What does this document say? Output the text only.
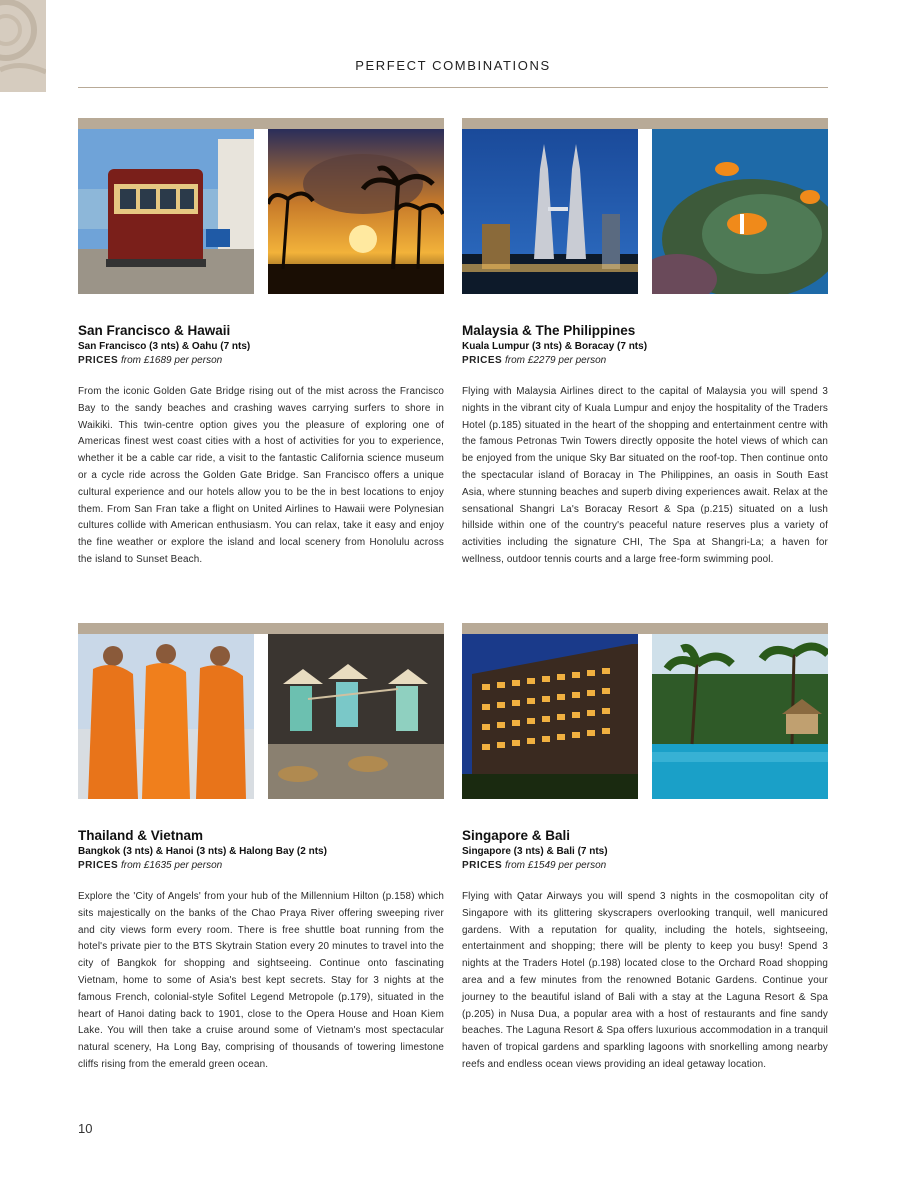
PERFECT COMBINATIONS
San Francisco & Hawaii
San Francisco (3 nts) & Oahu (7 nts)
PRICES from £1689 per person
From the iconic Golden Gate Bridge rising out of the mist across the Francisco Bay to the sandy beaches and crashing waves carrying surfers to shore in Waikiki. This twin-centre option gives you the pleasure of exploring one of Americas finest west coast cities with a host of activities for you to experience, whether it be a cable car ride, a visit to the fantastic California science museum or a cycle ride across the Golden Gate Bridge. San Francisco offers a unique cultural experience and our hotels allow you to be the in best locations to enjoy them. From San Fran take a flight on United Airlines to Hawaii were Polynesian cultures collide with American enthusiasm. You can relax, take it easy and enjoy the fine weather or explore the island and local scenery from Honolulu across the island to Sunset Beach.
Malaysia & The Philippines
Kuala Lumpur (3 nts) & Boracay (7 nts)
PRICES from £2279 per person
Flying with Malaysia Airlines direct to the capital of Malaysia you will spend 3 nights in the vibrant city of Kuala Lumpur and enjoy the hospitality of the Traders Hotel (p.185) situated in the heart of the shopping and entertainment centre with the famous Petronas Twin Towers directly opposite the hotel views of which can be enjoyed from the unique Sky Bar situated on the roof-top. Then continue onto the spectacular island of Boracay in The Philippines, an oasis in South East Asia, where stunning beaches and superb diving experiences await. Relax at the sensational Shangri La's Boracay Resort & Spa (p.215) situated on a lush hillside within one of the country's peaceful nature reserves plus a variety of activities including the signature CHI, The Spa at Shangri-La; a haven for wellness, outdoor tennis courts and a large free-form swimming pool.
Thailand & Vietnam
Bangkok (3 nts) & Hanoi (3 nts) & Halong Bay (2 nts)
PRICES from £1635 per person
Explore the 'City of Angels' from your hub of the Millennium Hilton (p.158) which sits majestically on the banks of the Chao Praya River offering sweeping river and city views form every room. There is free shuttle boat running from the hotel's private pier to the BTS Skytrain Station every 20 minutes to travel into the city of Bangkok for shopping and sightseeing. Continue onto fascinating Vietnam, home to some of Asia's best kept secrets. Stay for 3 nights at the famous French, colonial-style Sofitel Legend Metropole (p.179), situated in the heart of Hanoi dating back to 1901, close to the Opera House and Hoan Kiem Lake. You will then take a cruise around some of Vietnam's most spectacular natural scenery, Ha Long Bay, comprising of thousands of towering limestone cliffs rising from the emerald green ocean.
Singapore & Bali
Singapore (3 nts) & Bali (7 nts)
PRICES from £1549 per person
Flying with Qatar Airways you will spend 3 nights in the cosmopolitan city of Singapore with its glittering skyscrapers overlooking tranquil, well manicured gardens. With a reputation for quality, including the hotels, sightseeing, entertainment and shopping; there will be plenty to keep you busy! Spend 3 nights at the Traders Hotel (p.198) located close to the Orchard Road shopping area and a few minutes from the renowned Botanic Gardens. Continue your journey to the beautiful island of Bali with a stay at the Laguna Resort & Spa (p.205) in Nusa Dua, a popular area with a host of restaurants and fine sandy beaches. The Laguna Resort & Spa offers luxurious accommodation in a tranquil haven of tropical gardens and sparkling lagoons with snorkelling among nearby reefs and endless ocean views providing an ideal getaway location.
10
